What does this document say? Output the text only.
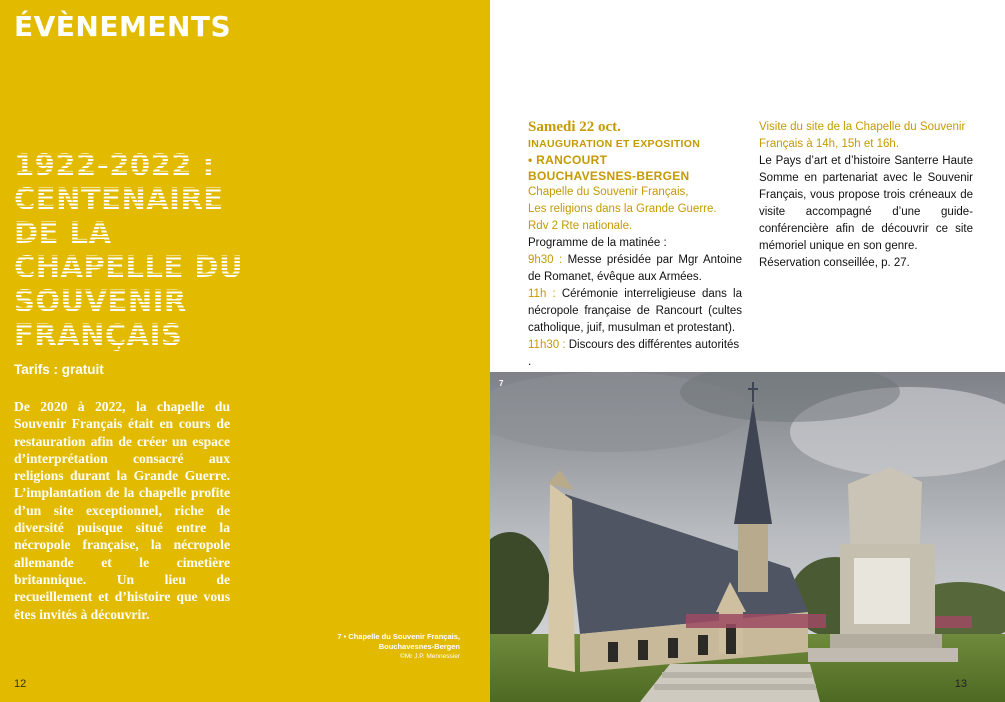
ÉVÈNEMENTS
1922-2022 :
CENTENAIRE
DE LA
CHAPELLE DU
SOUVENIR
FRANÇAIS
Tarifs : gratuit

De 2020 à 2022, la chapelle du Souvenir Français était en cours de restauration afin de créer un espace d’interprétation consacré aux religions durant la Grande Guerre. L’implantation de la chapelle profite d’un site exceptionnel, riche de diversité puisque situé entre la nécropole française, la nécropole allemande et le cimetière britannique. Un lieu de recueillement et d’histoire que vous êtes invités à découvrir.

7 • Chapelle du Souvenir Français,
Bouchavesnes-Bergen
©Mr J.P. Mennessier
12
Samedi 22 oct.
INAUGURATION ET EXPOSITION
• RANCOURT
BOUCHAVESNES-BERGEN
Chapelle du Souvenir Français,
Les religions dans la Grande Guerre.
Rdv 2 Rte nationale.
Programme de la matinée :

9h30 : Messe présidée par Mgr Antoine de Romanet, évêque aux Armées.

11h : Cérémonie interreligieuse dans la nécropole française de Rancourt (cultes catholique, juif, musulman et protestant).

11h30 : Discours des différentes autorités .

Visite du site de la Chapelle du Souvenir Français à 14h, 15h et 16h.
Le Pays d’art et d’histoire Santerre Haute Somme en partenariat avec le Souvenir Français, vous propose trois créneaux de visite accompagné d’une guide-conférencière afin de découvrir ce site mémoriel unique en son genre.
Réservation conseillée, p. 27.
7
13
